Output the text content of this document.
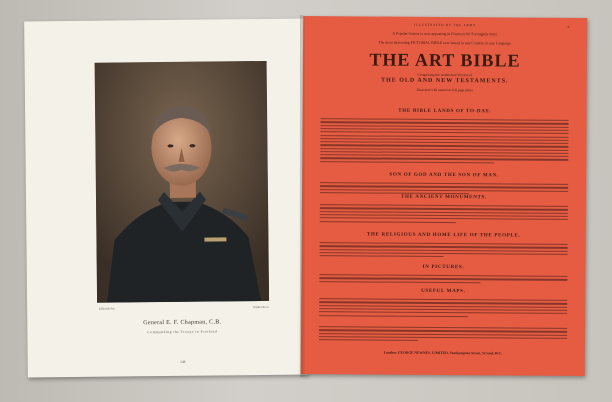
Elliott & Fry	Walker & Co
General E. F. Chapman, C.B.
Commanding the Troops in Scotland
148
ILLUSTRATED BY THE ARMY	9
A Popular Guinea is now appearing in Fourteen 6d. Fortnightly Parts.
The most interesting PICTORIAL BIBLE ever issued in any Country, in any Language.
THE ART BIBLE
Comprising the Authorised Version of
THE OLD AND NEW TESTAMENTS.
Illustrated with numerous full page plates
THE BIBLE LANDS OF TO-DAY.
SON OF GOD AND THE SON OF MAN.
THE ANCIENT MONUMENTS.
THE RELIGIOUS AND HOME LIFE OF THE PEOPLE.
IN PICTURES.
USEFUL MAPS.
London: GEORGE NEWNES, LIMITED, Southampton Street, Strand, W.C.
